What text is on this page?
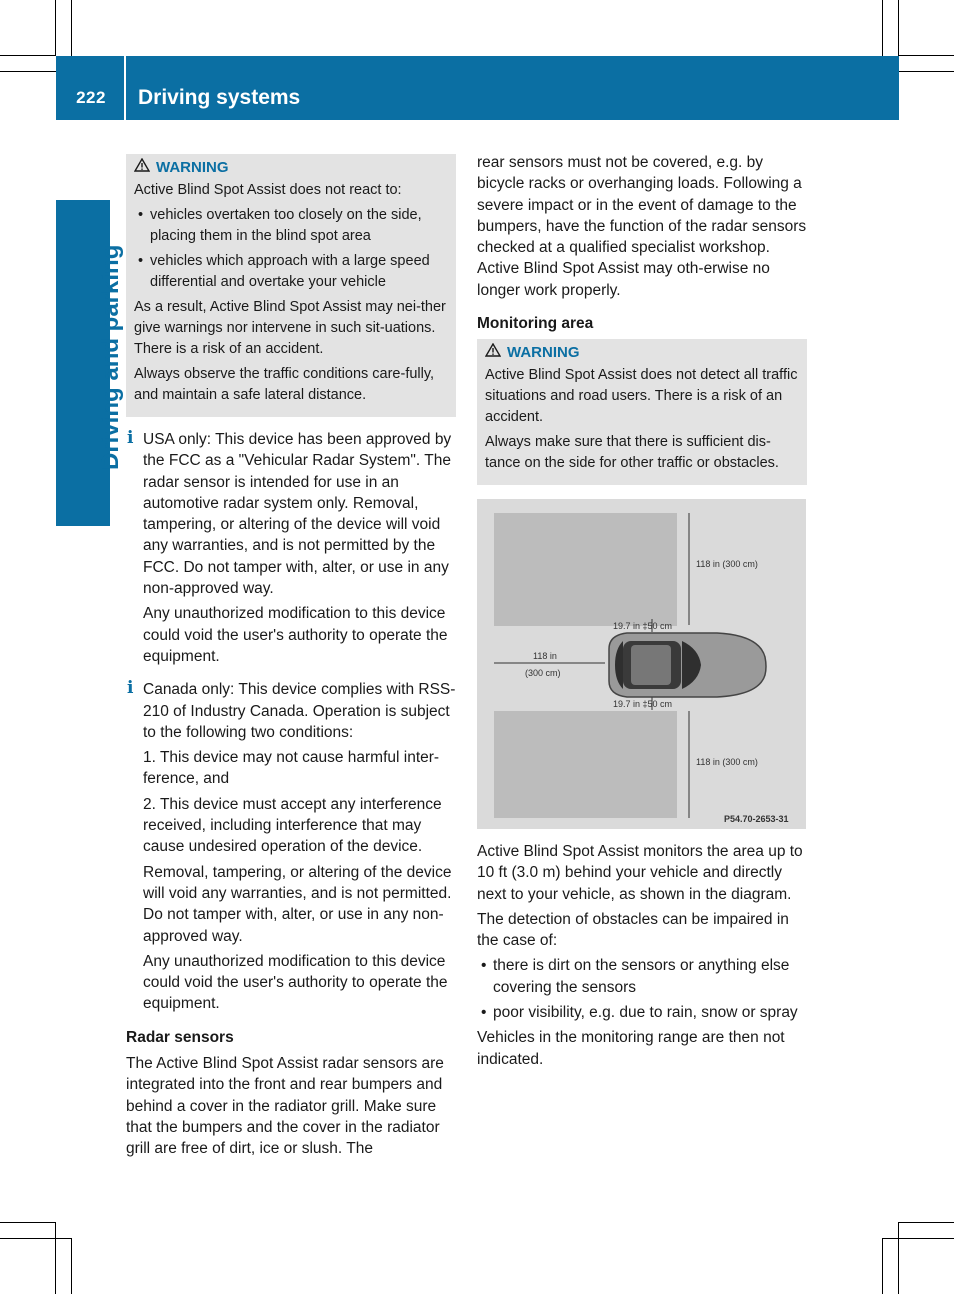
222	Driving systems
Driving and parking
WARNING

Active Blind Spot Assist does not react to:

• vehicles overtaken too closely on the side, placing them in the blind spot area
• vehicles which approach with a large speed differential and overtake your vehicle

As a result, Active Blind Spot Assist may nei-ther give warnings nor intervene in such sit-uations. There is a risk of an accident.

Always observe the traffic conditions care-fully, and maintain a safe lateral distance.

i USA only: This device has been approved by the FCC as a "Vehicular Radar System". The radar sensor is intended for use in an automotive radar system only. Removal, tampering, or altering of the device will void any warranties, and is not permitted by the FCC. Do not tamper with, alter, or use in any non-approved way.

Any unauthorized modification to this device could void the user's authority to operate the equipment.

i Canada only: This device complies with RSS-210 of Industry Canada. Operation is subject to the following two conditions:

1. This device may not cause harmful inter-ference, and

2. This device must accept any interference received, including interference that may cause undesired operation of the device.

Removal, tampering, or altering of the device will void any warranties, and is not permitted. Do not tamper with, alter, or use in any non-approved way.

Any unauthorized modification to this device could void the user's authority to operate the equipment.

Radar sensors

The Active Blind Spot Assist radar sensors are integrated into the front and rear bumpers and behind a cover in the radiator grill. Make sure that the bumpers and the cover in the radiator grill are free of dirt, ice or slush. The

rear sensors must not be covered, e.g. by bicycle racks or overhanging loads. Following a severe impact or in the event of damage to the bumpers, have the function of the radar sensors checked at a qualified specialist workshop. Active Blind Spot Assist may oth-erwise no longer work properly.

Monitoring area
WARNING

Active Blind Spot Assist does not detect all traffic situations and road users. There is a risk of an accident.

Always make sure that there is sufficient dis-tance on the side for other traffic or obstacles.

118 in (300 cm)
118 in (300 cm)
118 in
(300 cm)
19.7 in ‡50 cm
19.7 in ‡50 cm
P54.70-2653-31

Active Blind Spot Assist monitors the area up to 10 ft (3.0 m) behind your vehicle and directly next to your vehicle, as shown in the diagram.

The detection of obstacles can be impaired in the case of:

• there is dirt on the sensors or anything else covering the sensors
• poor visibility, e.g. due to rain, snow or spray

Vehicles in the monitoring range are then not indicated.
